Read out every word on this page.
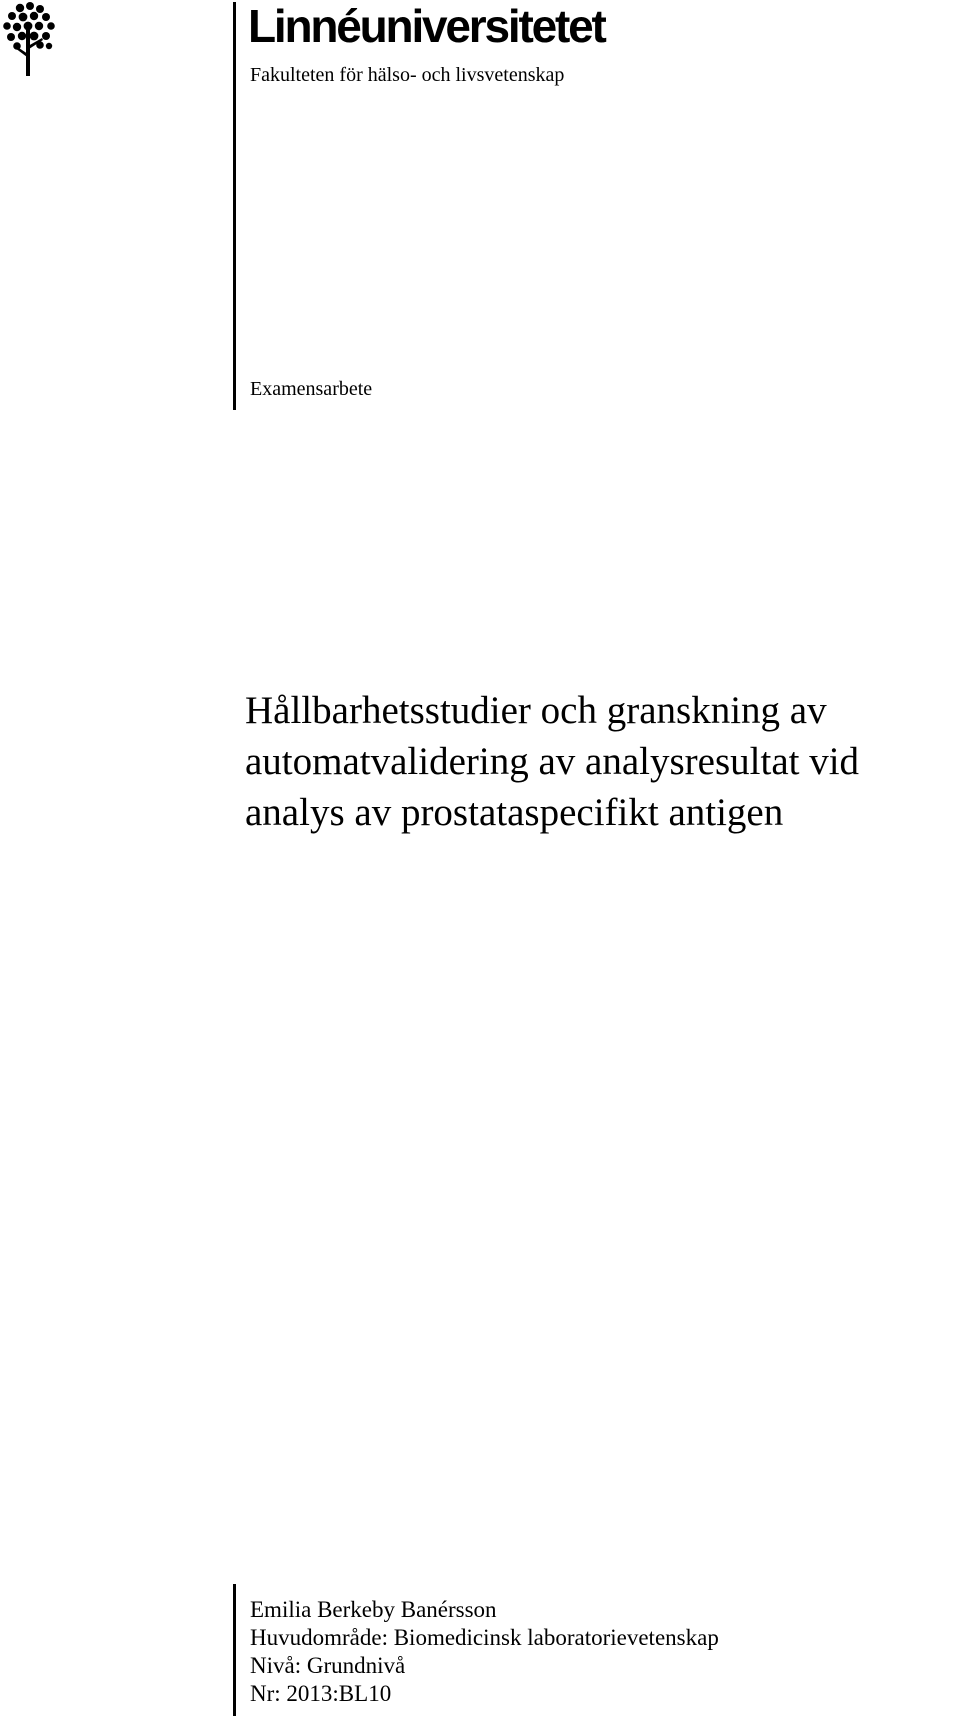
Linnéuniversitetet
Fakulteten för hälso- och livsvetenskap
Examensarbete
Hållbarhetsstudier och granskning av
automatvalidering av analysresultat vid
analys av prostataspecifikt antigen
Emilia Berkeby Banérsson
Huvudområde: Biomedicinsk laboratorievetenskap
Nivå: Grundnivå
Nr: 2013:BL10
